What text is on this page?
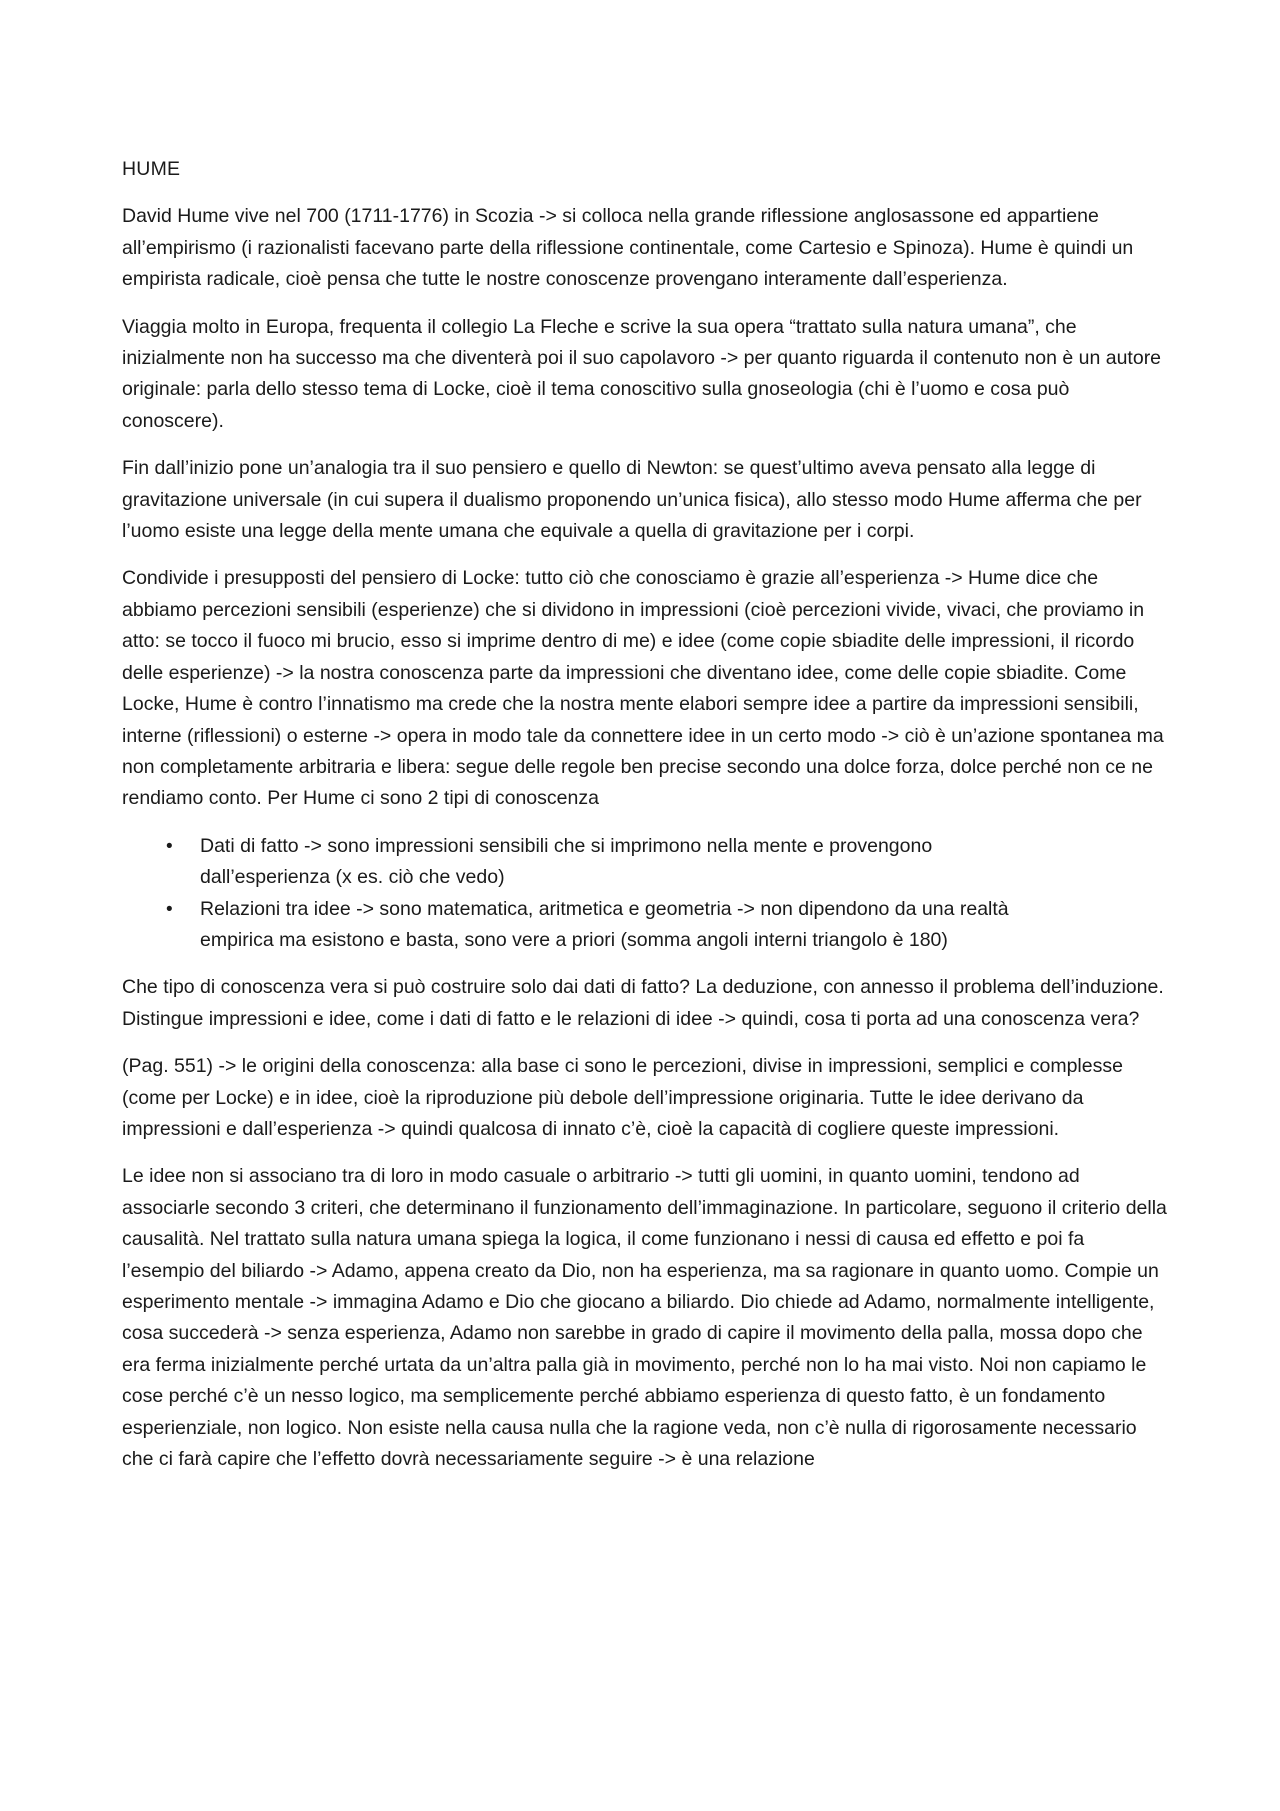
HUME

David Hume vive nel 700 (1711-1776) in Scozia -> si colloca nella grande riflessione anglosassone ed appartiene all’empirismo (i razionalisti facevano parte della riflessione continentale, come Cartesio e Spinoza). Hume è quindi un empirista radicale, cioè pensa che tutte le nostre conoscenze provengano interamente dall’esperienza.

Viaggia molto in Europa, frequenta il collegio La Fleche e scrive la sua opera “trattato sulla natura umana”, che inizialmente non ha successo ma che diventerà poi il suo capolavoro -> per quanto riguarda il contenuto non è un autore originale: parla dello stesso tema di Locke, cioè il tema conoscitivo sulla gnoseologia (chi è l’uomo e cosa può conoscere).

Fin dall’inizio pone un’analogia tra il suo pensiero e quello di Newton: se quest’ultimo aveva pensato alla legge di gravitazione universale (in cui supera il dualismo proponendo un’unica fisica), allo stesso modo Hume afferma che per l’uomo esiste una legge della mente umana che equivale a quella di gravitazione per i corpi.

Condivide i presupposti del pensiero di Locke: tutto ciò che conosciamo è grazie all’esperienza -> Hume dice che abbiamo percezioni sensibili (esperienze) che si dividono in impressioni (cioè percezioni vivide, vivaci, che proviamo in atto: se tocco il fuoco mi brucio, esso si imprime dentro di me) e idee (come copie sbiadite delle impressioni, il ricordo delle esperienze) -> la nostra conoscenza parte da impressioni che diventano idee, come delle copie sbiadite. Come Locke, Hume è contro l’innatismo ma crede che la nostra mente elabori sempre idee a partire da impressioni sensibili, interne (riflessioni) o esterne -> opera in modo tale da connettere idee in un certo modo -> ciò è un’azione spontanea ma non completamente arbitraria e libera: segue delle regole ben precise secondo una dolce forza, dolce perché non ce ne rendiamo conto. Per Hume ci sono 2 tipi di conoscenza

• Dati di fatto -> sono impressioni sensibili che si imprimono nella mente e provengono dall’esperienza (x es. ciò che vedo)
• Relazioni tra idee -> sono matematica, aritmetica e geometria -> non dipendono da una realtà empirica ma esistono e basta, sono vere a priori (somma angoli interni triangolo è 180)

Che tipo di conoscenza vera si può costruire solo dai dati di fatto? La deduzione, con annesso il problema dell’induzione. Distingue impressioni e idee, come i dati di fatto e le relazioni di idee -> quindi, cosa ti porta ad una conoscenza vera?

(Pag. 551) -> le origini della conoscenza: alla base ci sono le percezioni, divise in impressioni, semplici e complesse (come per Locke) e in idee, cioè la riproduzione più debole dell’impressione originaria. Tutte le idee derivano da impressioni e dall’esperienza -> quindi qualcosa di innato c’è, cioè la capacità di cogliere queste impressioni.

Le idee non si associano tra di loro in modo casuale o arbitrario -> tutti gli uomini, in quanto uomini, tendono ad associarle secondo 3 criteri, che determinano il funzionamento dell’immaginazione. In particolare, seguono il criterio della causalità. Nel trattato sulla natura umana spiega la logica, il come funzionano i nessi di causa ed effetto e poi fa l’esempio del biliardo -> Adamo, appena creato da Dio, non ha esperienza, ma sa ragionare in quanto uomo. Compie un esperimento mentale -> immagina Adamo e Dio che giocano a biliardo. Dio chiede ad Adamo, normalmente intelligente, cosa succederà -> senza esperienza, Adamo non sarebbe in grado di capire il movimento della palla, mossa dopo che era ferma inizialmente perché urtata da un’altra palla già in movimento, perché non lo ha mai visto. Noi non capiamo le cose perché c’è un nesso logico, ma semplicemente perché abbiamo esperienza di questo fatto, è un fondamento esperienziale, non logico. Non esiste nella causa nulla che la ragione veda, non c’è nulla di rigorosamente necessario che ci farà capire che l’effetto dovrà necessariamente seguire -> è una relazione
